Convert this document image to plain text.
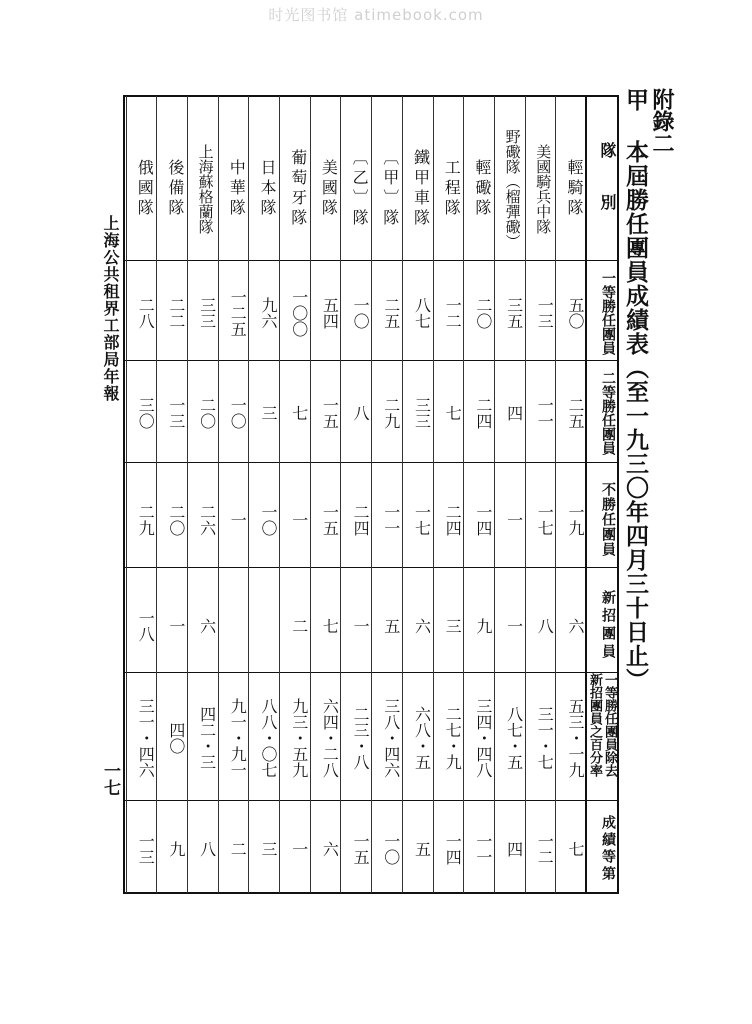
时光图书馆 atimebook.com
附錄二
甲 本屆勝任團員成績表（至一九三〇年四月三十日止）
上海公共租界工部局年報
一七
隊　別
一等勝任團員
二等勝任團員
不勝任團員
新招團員
一等勝任團員除去
新招團員之百分率
成績等第
輕騎隊
五〇
二五
一九
六
五三・一九
七
美國騎兵中隊
一三
一一
一七
八
三一・七
一二
野礮隊（榴彈礮）
三五
四
一
一
八七・五
四
輕礮隊
二〇
二四
一四
九
三四・四八
一一
工程隊
一二
七
二四
三
二七・九
一四
鐵甲車隊
八七
三三
一七
六
六八・五
五
〔甲〕隊
二五
二九
一一
五
三八・四六
一〇
〔乙〕隊
一〇
八
二四
一
二三・八
一五
美國隊
五四
一五
一五
七
六四・二八
六
葡萄牙隊
一〇〇
七
一
二
九三・五九
一
日本隊
九六
三
一〇
八八・〇七
三
中華隊
一二五
一〇
一
九一・九一
二
上海蘇格蘭隊
三三
二〇
二六
六
四二・三
八
後備隊
二二
一三
二〇
一
四〇
九
俄國隊
二八
三〇
二九
一八
三一・四六
一三
